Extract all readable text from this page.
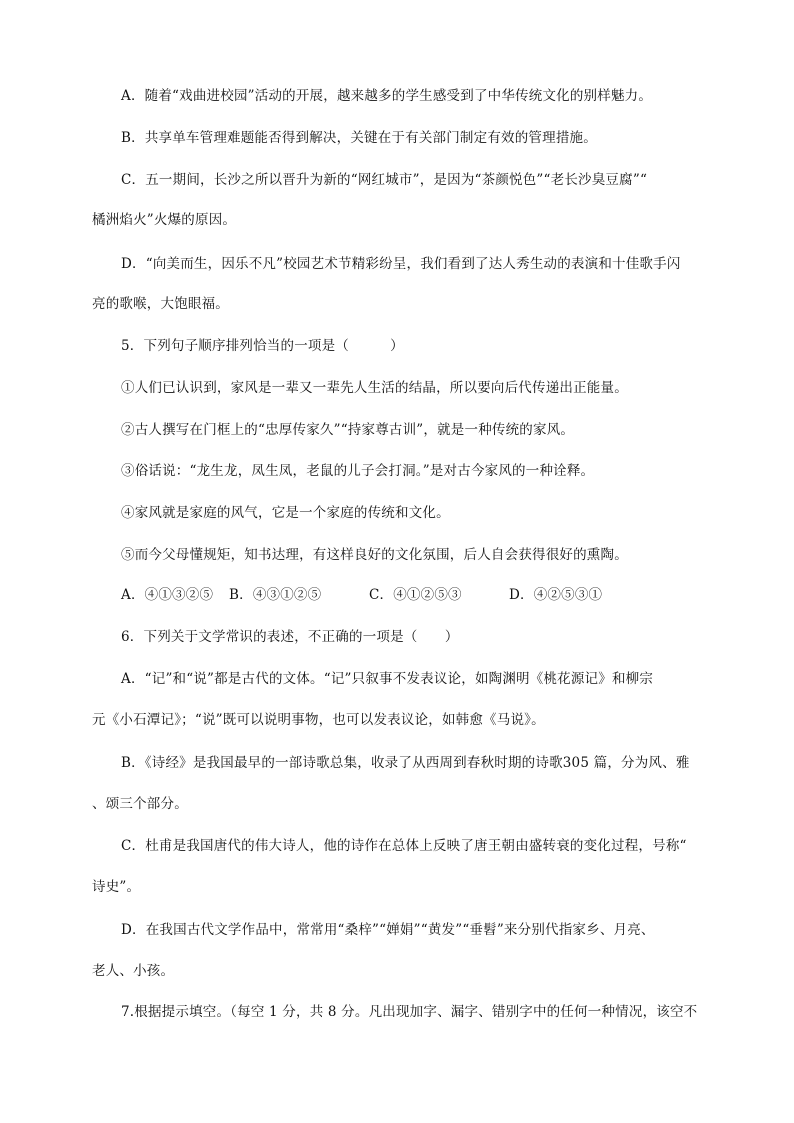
A．随着“戏曲进校园”活动的开展，越来越多的学生感受到了中华传统文化的别样魅力。
B．共享单车管理难题能否得到解决，关键在于有关部门制定有效的管理措施。
C．五一期间，长沙之所以晋升为新的“网红城市”，是因为“茶颜悦色”“老长沙臭豆腐”“
橘洲焰火”火爆的原因。
D．“向美而生，因乐不凡”校园艺术节精彩纷呈，我们看到了达人秀生动的表演和十佳歌手闪
亮的歌喉，大饱眼福。
5．下列句子顺序排列恰当的一项是（　　　）
①人们已认识到，家风是一辈又一辈先人生活的结晶，所以要向后代传递出正能量。
②古人撰写在门框上的“忠厚传家久”“持家尊古训”，就是一种传统的家风。
③俗话说：“龙生龙，凤生凤，老鼠的儿子会打洞。”是对古今家风的一种诠释。
④家风就是家庭的风气，它是一个家庭的传统和文化。
⑤而今父母懂规矩，知书达理，有这样良好的文化氛围，后人自会获得很好的熏陶。
A．④①③②⑤ B．④③①②⑤	C．④①②⑤③	D．④②⑤③①
6．下列关于文学常识的表述，不正确的一项是（　　）
A．“记”和“说”都是古代的文体。“记”只叙事不发表议论，如陶渊明《桃花源记》和柳宗
元《小石潭记》；“说”既可以说明事物，也可以发表议论，如韩愈《马说》。
B．《诗经》是我国最早的一部诗歌总集，收录了从西周到春秋时期的诗歌305 篇，分为风、雅
、颂三个部分。
C．杜甫是我国唐代的伟大诗人，他的诗作在总体上反映了唐王朝由盛转衰的变化过程，号称“
诗史”。
D．在我国古代文学作品中，常常用“桑梓”“婵娟”“黄发”“垂髫”来分别代指家乡、月亮、
老人、小孩。
7.根据提示填空。（每空 1 分，共 8 分。凡出现加字、漏字、错别字中的任何一种情况，该空不
